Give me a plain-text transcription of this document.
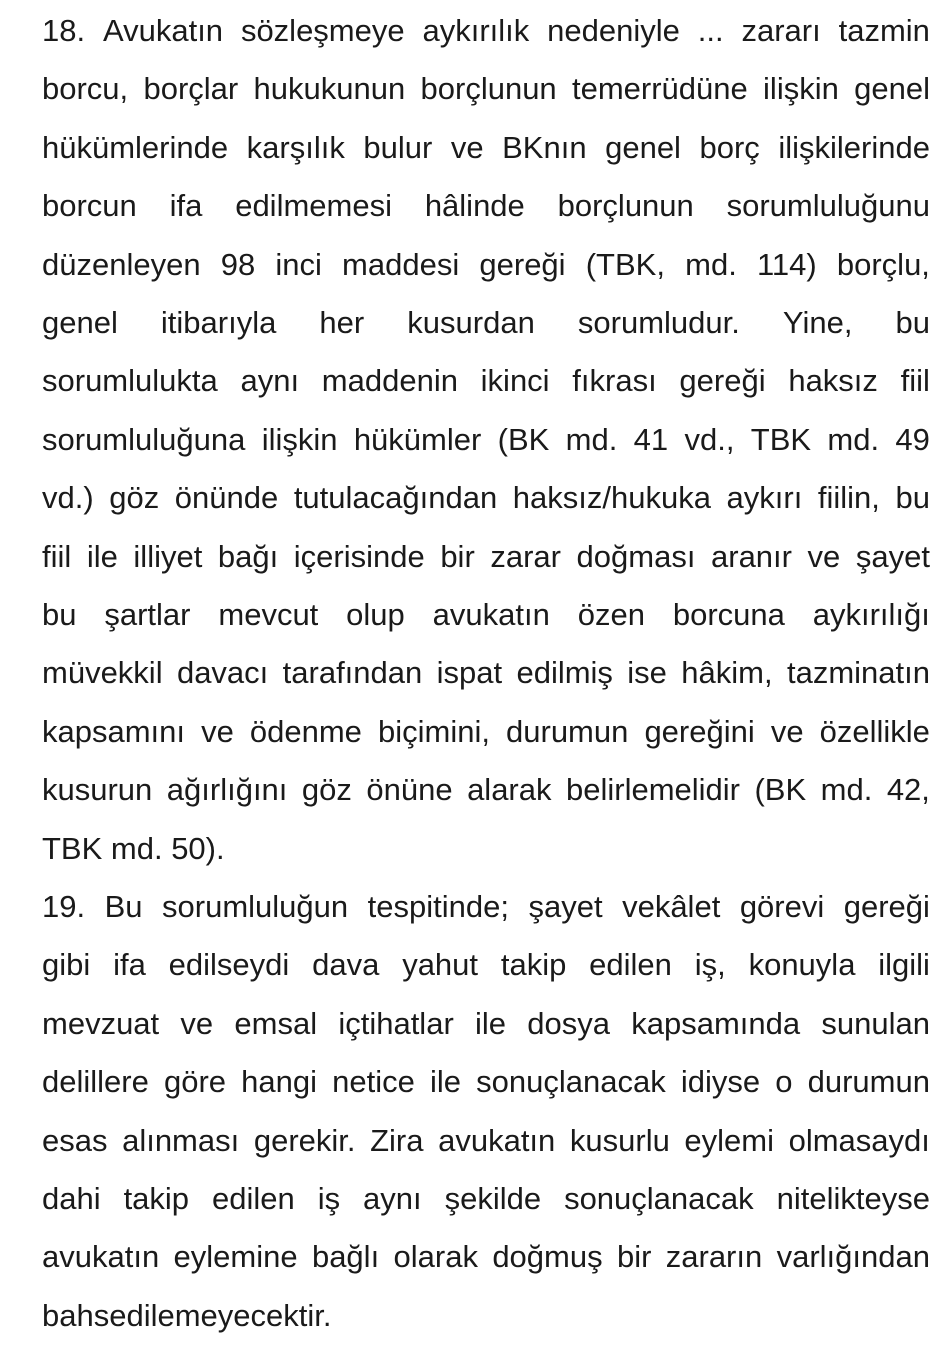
18. Avukatın sözleşmeye aykırılık nedeniyle ... zararı tazmin
borcu, borçlar hukukunun borçlunun temerrüdüne ilişkin genel
hükümlerinde karşılık bulur ve BKnın genel borç ilişkilerinde
borcun ifa edilmemesi hâlinde borçlunun sorumluluğunu
düzenleyen 98 inci maddesi gereği (TBK, md. 114) borçlu,
genel itibarıyla her kusurdan sorumludur. Yine, bu
sorumlulukta aynı maddenin ikinci fıkrası gereği haksız fiil
sorumluluğuna ilişkin hükümler (BK md. 41 vd., TBK md. 49
vd.) göz önünde tutulacağından haksız/hukuka aykırı fiilin, bu
fiil ile illiyet bağı içerisinde bir zarar doğması aranır ve şayet
bu şartlar mevcut olup avukatın özen borcuna aykırılığı
müvekkil davacı tarafından ispat edilmiş ise hâkim, tazminatın
kapsamını ve ödenme biçimini, durumun gereğini ve özellikle
kusurun ağırlığını göz önüne alarak belirlemelidir (BK md. 42,
TBK md. 50).
19. Bu sorumluluğun tespitinde; şayet vekâlet görevi gereği
gibi ifa edilseydi dava yahut takip edilen iş, konuyla ilgili
mevzuat ve emsal içtihatlar ile dosya kapsamında sunulan
delillere göre hangi netice ile sonuçlanacak idiyse o durumun
esas alınması gerekir. Zira avukatın kusurlu eylemi olmasaydı
dahi takip edilen iş aynı şekilde sonuçlanacak nitelikteyse
avukatın eylemine bağlı olarak doğmuş bir zararın varlığından
bahsedilemeyecektir.
